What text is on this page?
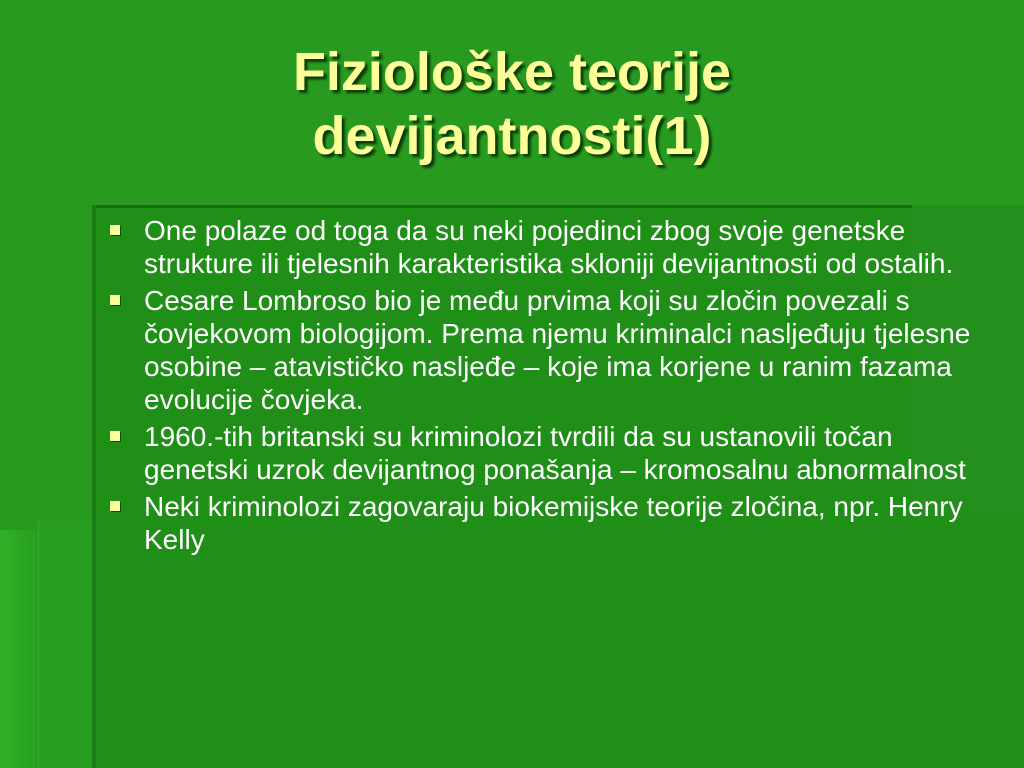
Fiziološke teorije
devijantnosti(1)
One polaze od toga da su neki pojedinci zbog svoje genetske strukture ili tjelesnih karakteristika skloniji devijantnosti od ostalih.
Cesare Lombroso bio je među prvima koji su zločin povezali s čovjekovom biologijom. Prema njemu kriminalci nasljeđuju tjelesne osobine – atavističko nasljeđe – koje ima korjene u ranim fazama evolucije čovjeka.
1960.-tih britanski su kriminolozi tvrdili da su ustanovili točan genetski uzrok devijantnog ponašanja – kromosalnu abnormalnost
Neki kriminolozi zagovaraju biokemijske teorije zločina, npr. Henry Kelly
